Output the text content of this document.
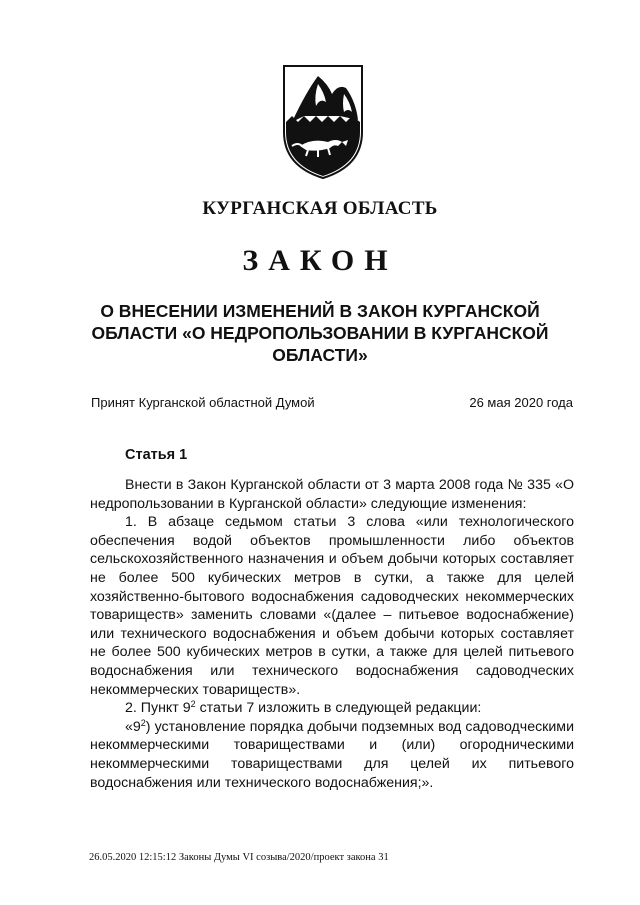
КУРГАНСКАЯ ОБЛАСТЬ
ЗАКОН
О ВНЕСЕНИИ ИЗМЕНЕНИЙ В ЗАКОН КУРГАНСКОЙ ОБЛАСТИ «О НЕДРОПОЛЬЗОВАНИИ В КУРГАНСКОЙ ОБЛАСТИ»
Принят Курганской областной Думой	26 мая 2020 года
Статья 1

Внести в Закон Курганской области от 3 марта 2008 года № 335 «О недропользовании в Курганской области» следующие изменения:

1. В абзаце седьмом статьи 3 слова «или технологического обеспечения водой объектов промышленности либо объектов сельскохозяйственного назначения и объем добычи которых составляет не более 500 кубических метров в сутки, а также для целей хозяйственно-бытового водоснабжения садоводческих некоммерческих товариществ» заменить словами «(далее – питьевое водоснабжение) или технического водоснабжения и объем добычи которых составляет не более 500 кубических метров в сутки, а также для целей питьевого водоснабжения или технического водоснабжения садоводческих некоммерческих товариществ».

2. Пункт $9^2$ статьи 7 изложить в следующей редакции:

«$9^2$) установление порядка добычи подземных вод садоводческими некоммерческими товариществами и (или) огородническими некоммерческими товариществами для целей их питьевого водоснабжения или технического водоснабжения;».

26.05.2020 12:15:12 Законы Думы VI созыва/2020/проект закона 31
